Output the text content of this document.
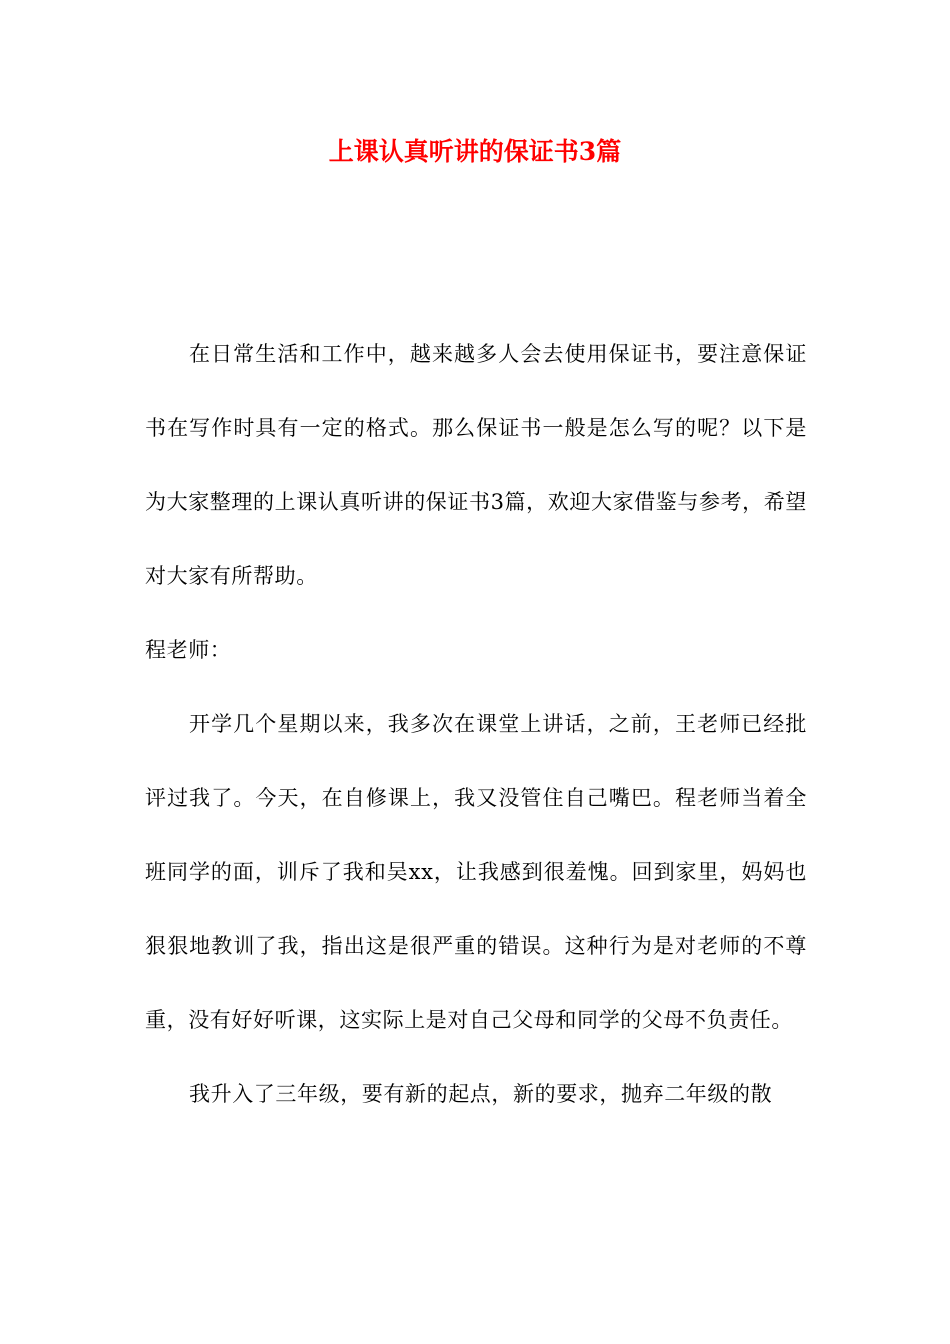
上课认真听讲的保证书3篇

在日常生活和工作中，越来越多人会去使用保证书，要注意保证书在写作时具有一定的格式。那么保证书一般是怎么写的呢？以下是为大家整理的上课认真听讲的保证书3篇，欢迎大家借鉴与参考，希望对大家有所帮助。

程老师：

开学几个星期以来，我多次在课堂上讲话，之前，王老师已经批评过我了。今天，在自修课上，我又没管住自己嘴巴。程老师当着全班同学的面，训斥了我和吴xx，让我感到很羞愧。回到家里，妈妈也狠狠地教训了我，指出这是很严重的错误。这种行为是对老师的不尊重，没有好好听课，这实际上是对自己父母和同学的父母不负责任。

我升入了三年级，要有新的起点，新的要求，抛弃二年级的散
